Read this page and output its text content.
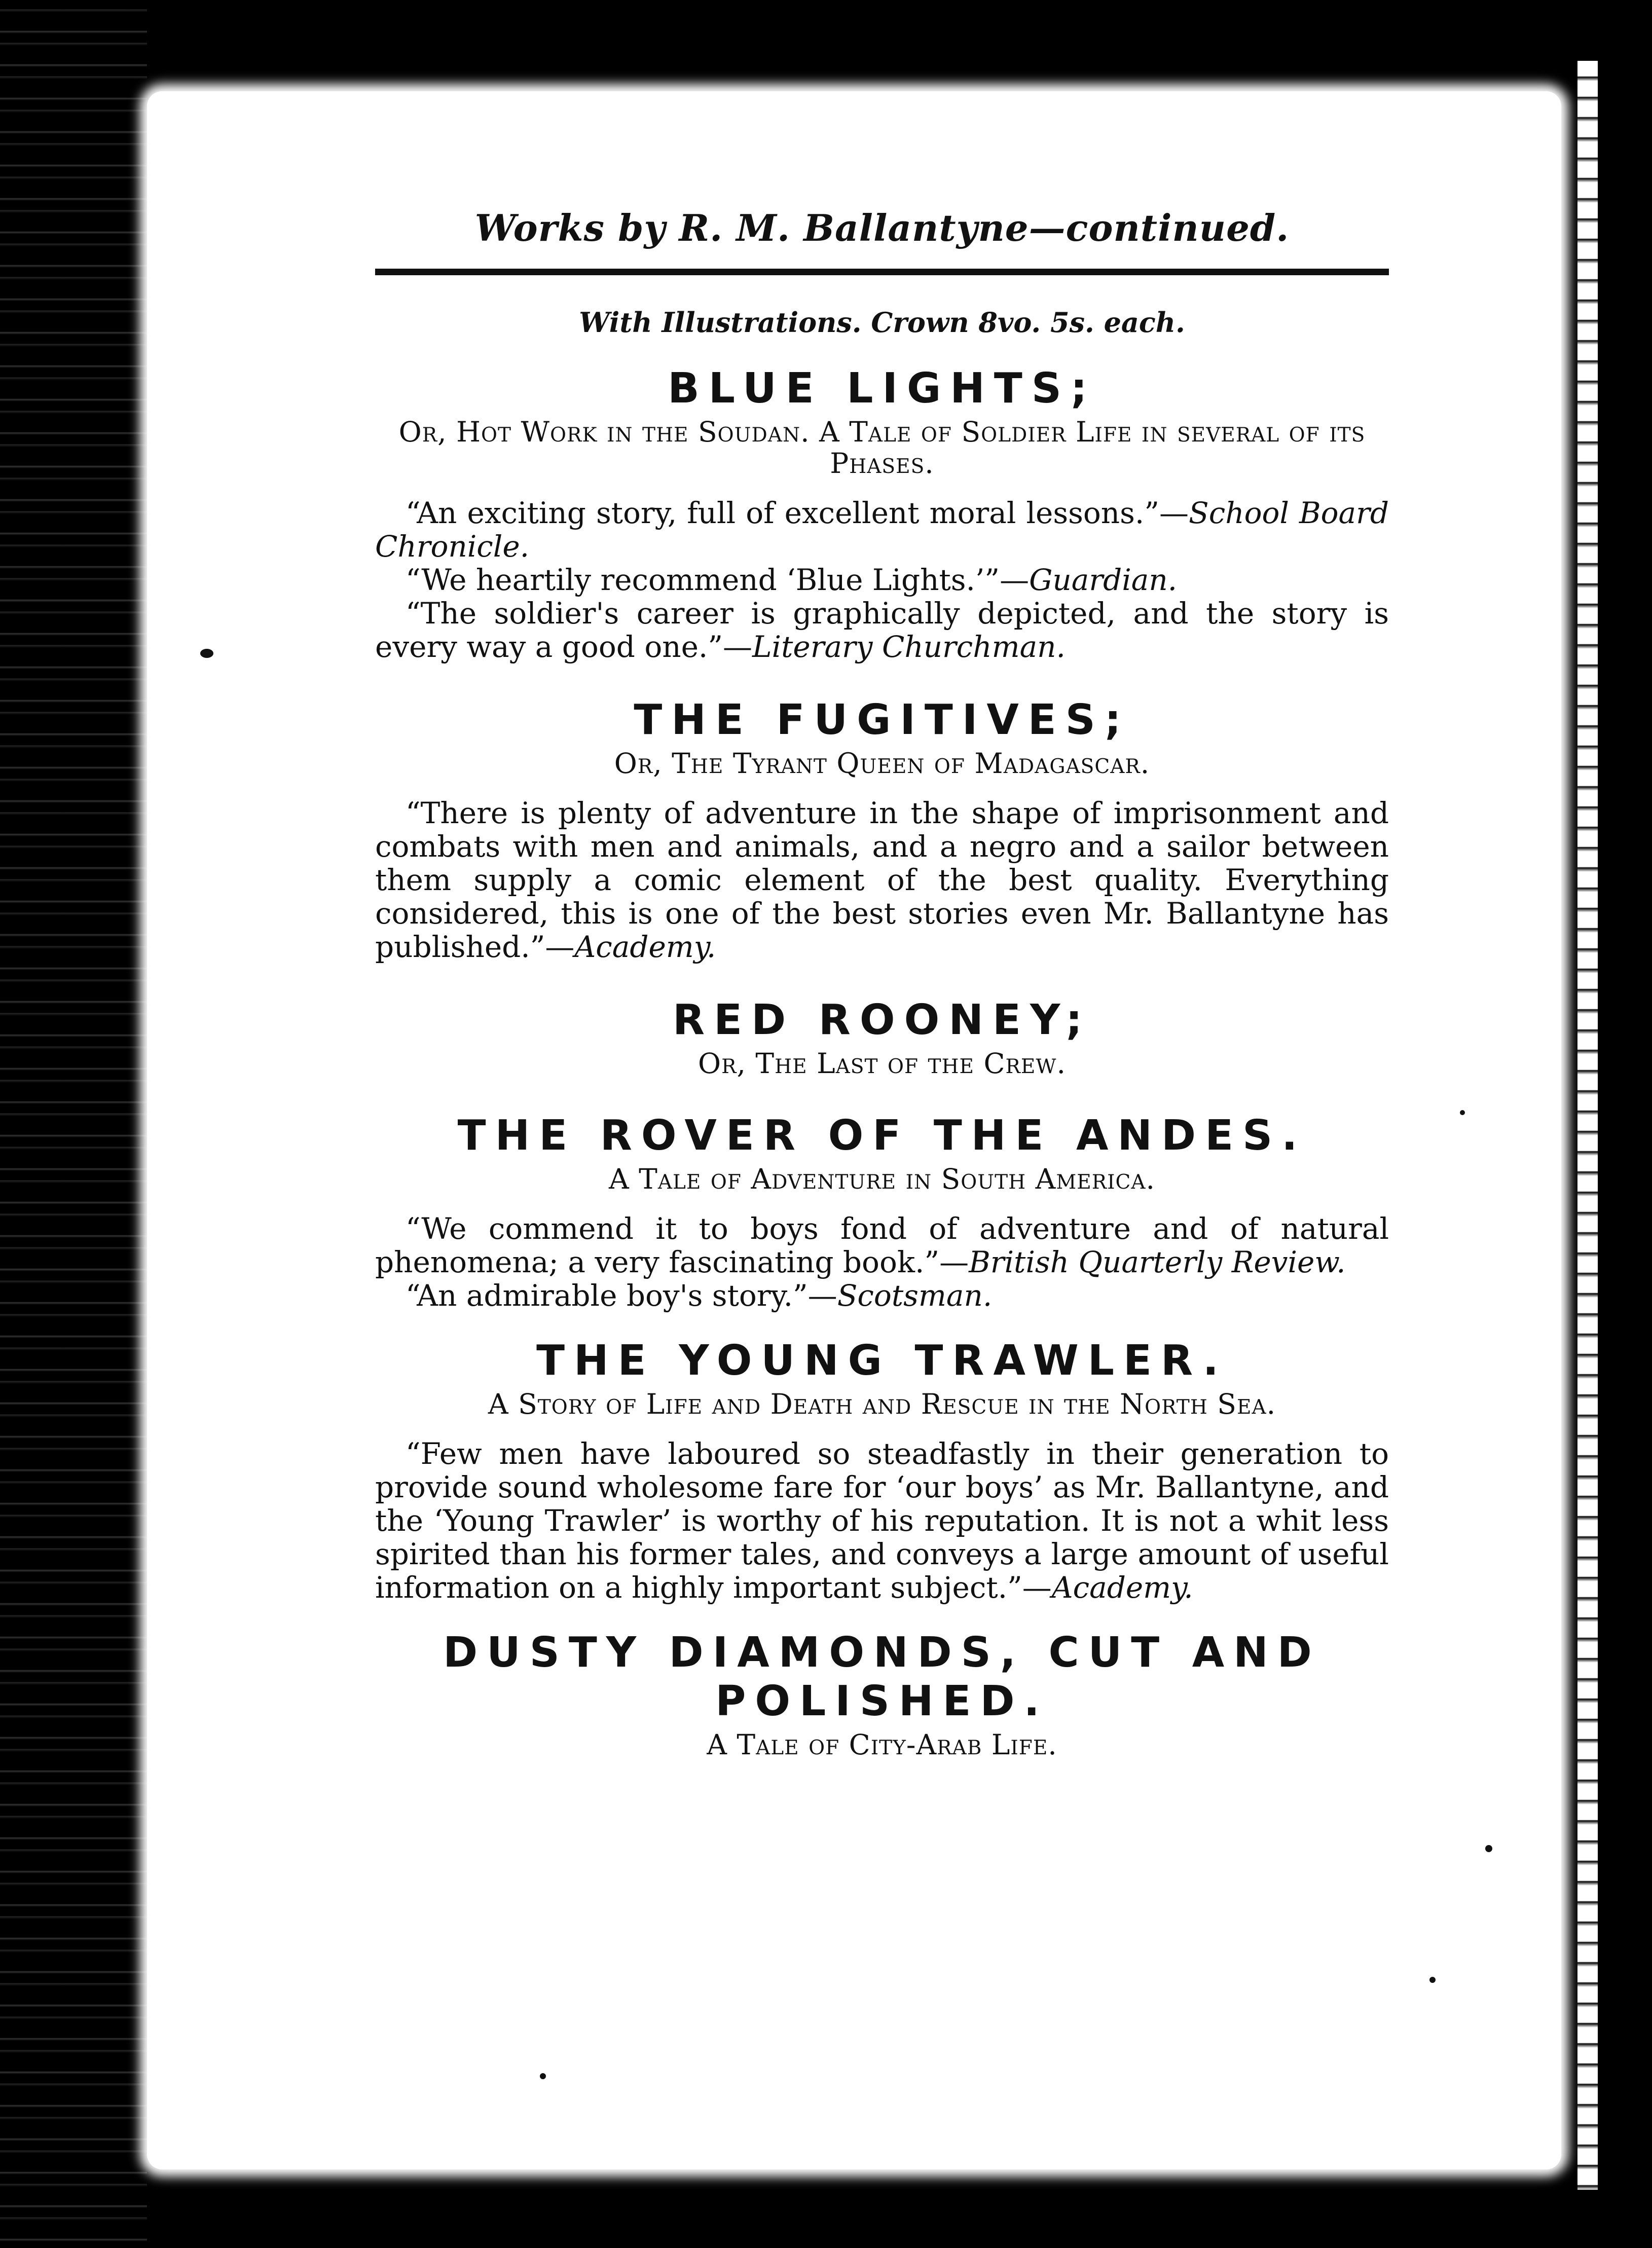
Works by R. M. Ballantyne—continued.

With Illustrations. Crown 8vo. 5s. each.

BLUE LIGHTS;

Or, Hot Work in the Soudan. A Tale of Soldier Life in several of its Phases.

“An exciting story, full of excellent moral lessons.”—School Board Chronicle.

“We heartily recommend ‘Blue Lights.’”—Guardian.

“The soldier's career is graphically depicted, and the story is every way a good one.”—Literary Churchman.

THE FUGITIVES;

Or, The Tyrant Queen of Madagascar.

“There is plenty of adventure in the shape of imprisonment and combats with men and animals, and a negro and a sailor between them supply a comic element of the best quality. Everything considered, this is one of the best stories even Mr. Ballantyne has published.”—Academy.

RED ROONEY;

Or, The Last of the Crew.

THE ROVER OF THE ANDES.

A Tale of Adventure in South America.

“We commend it to boys fond of adventure and of natural phenomena; a very fascinating book.”—British Quarterly Review.

“An admirable boy's story.”—Scotsman.

THE YOUNG TRAWLER.

A Story of Life and Death and Rescue in the North Sea.

“Few men have laboured so steadfastly in their generation to provide sound wholesome fare for ‘our boys’ as Mr. Ballantyne, and the ‘Young Trawler’ is worthy of his reputation. It is not a whit less spirited than his former tales, and conveys a large amount of useful information on a highly important subject.”—Academy.

DUSTY DIAMONDS, CUT AND POLISHED.

A Tale of City-Arab Life.
